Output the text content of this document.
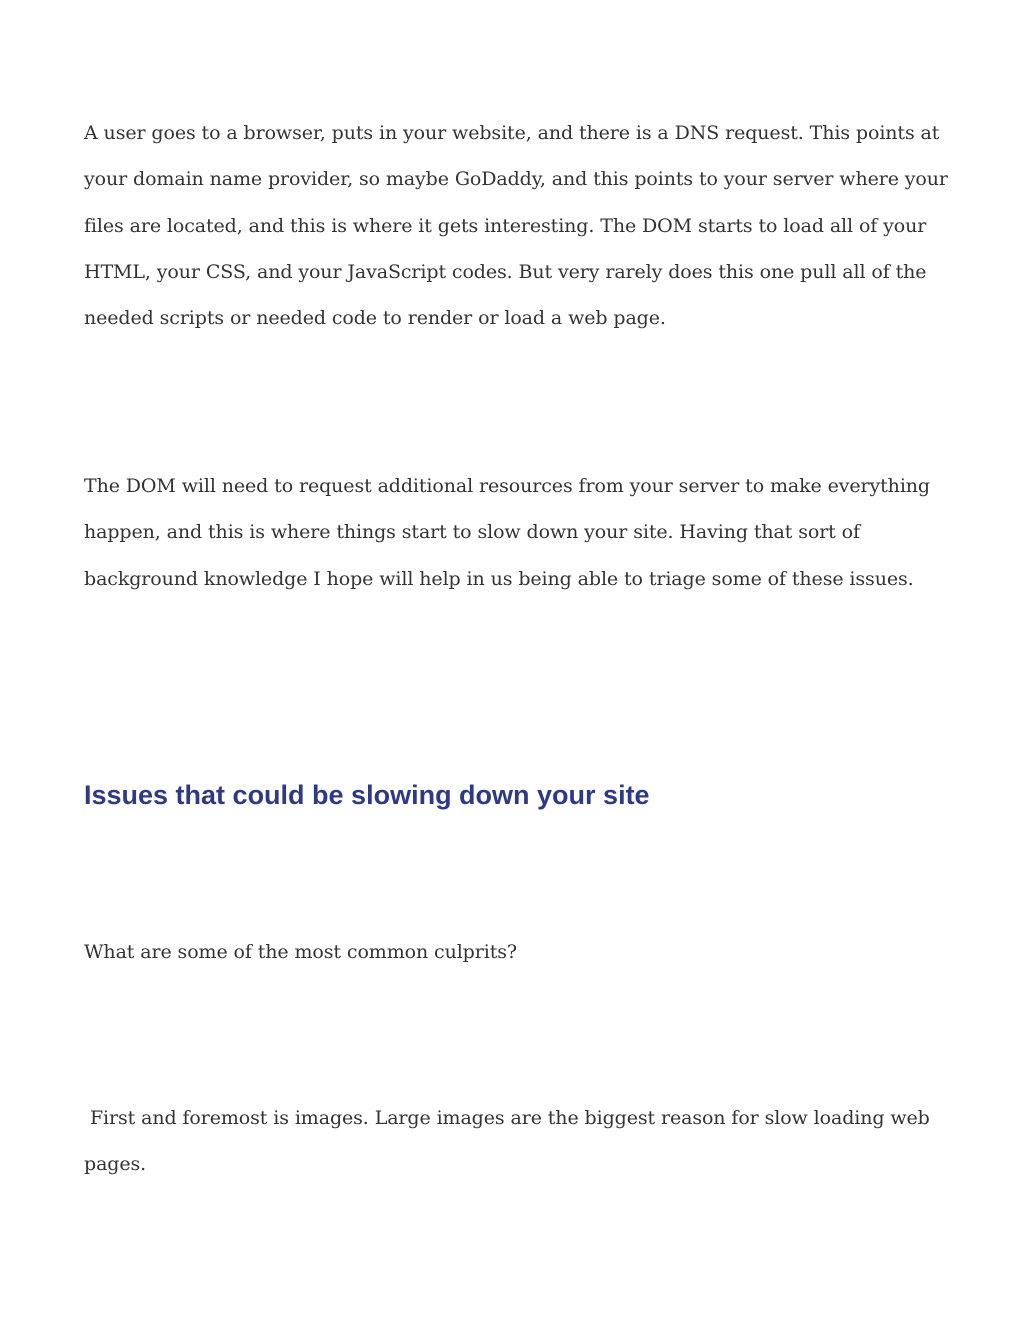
A user goes to a browser, puts in your website, and there is a DNS request. This points at your domain name provider, so maybe GoDaddy, and this points to your server where your files are located, and this is where it gets interesting. The DOM starts to load all of your HTML, your CSS, and your JavaScript codes. But very rarely does this one pull all of the needed scripts or needed code to render or load a web page.

The DOM will need to request additional resources from your server to make everything happen, and this is where things start to slow down your site. Having that sort of background knowledge I hope will help in us being able to triage some of these issues.

Issues that could be slowing down your site

What are some of the most common culprits?

First and foremost is images. Large images are the biggest reason for slow loading web pages.
